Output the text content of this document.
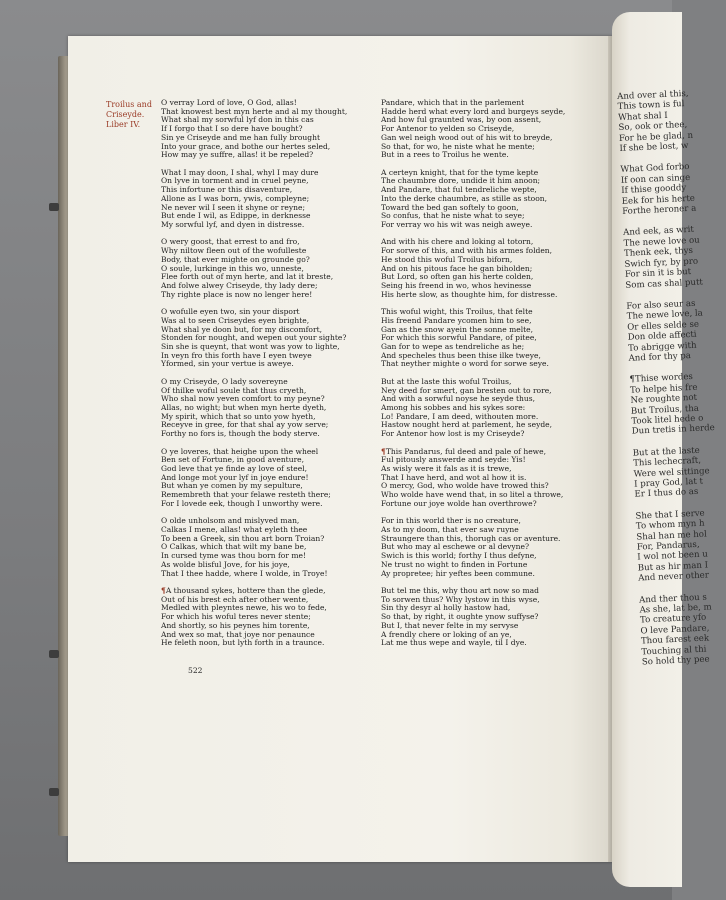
And over al this,
This town is ful
What shal I
So, ook or thee,
For he be glad, n
If she be lost, w
What God forbo
If oon can singe
If thise gooddy
Eek for his herte
Forthe heroner a
And eek, as writ
The newe love ou
Thenk eek, thys
Swich fyr, by pro
For sin it is but
Som cas shal putt
For also seur as
The newe love, la
Or elles selde se
Don olde affecti
To abrigge with
And for thy pa
¶Thise wordes
To helpe his fre
Ne roughte not
But Troilus, tha
Took litel hede o
Dun tretis in herde
But at the laste
This lechecraft,
Were wel sittinge
I pray God, lat t
Er I thus do as
She that I serve
To whom myn h
Shal han me hol
For, Pandarus,
I wol not been u
But as hir man I
And never other
And ther thou s
As she, lat be, m
To creature yfo
O leve Pandare,
Thou farest eek
Touching al thi
So hold thy pee
Troilus and
Criseyde.
Liber IV.
O verray Lord of love, O God, allas!
That knowest best myn herte and al my thought,
What shal my sorwful lyf don in this cas
If I forgo that I so dere have bought?
Sin ye Criseyde and me han fully brought
Into your grace, and bothe our hertes seled,
How may ye suffre, allas! it be repeled?
What I may doon, I shal, whyl I may dure
On lyve in torment and in cruel peyne,
This infortune or this disaventure,
Allone as I was born, ywis, compleyne;
Ne never wil I seen it shyne or reyne;
But ende I wil, as Edippe, in derknesse
My sorwful lyf, and dyen in distresse.
O wery goost, that errest to and fro,
Why niltow fleen out of the wofulleste
Body, that ever mighte on grounde go?
O soule, lurkinge in this wo, unneste,
Flee forth out of myn herte, and lat it breste,
And folwe alwey Criseyde, thy lady dere;
Thy righte place is now no lenger here!
O wofulle eyen two, sin your disport
Was al to seen Criseydes eyen brighte,
What shal ye doon but, for my discomfort,
Stonden for nought, and wepen out your sighte?
Sin she is queynt, that wont was yow to lighte,
In veyn fro this forth have I eyen tweye
Yformed, sin your vertue is aweye.
O my Criseyde, O lady sovereyne
Of thilke woful soule that thus cryeth,
Who shal now yeven comfort to my peyne?
Allas, no wight; but when myn herte dyeth,
My spirit, which that so unto yow hyeth,
Receyve in gree, for that shal ay yow serve;
Forthy no fors is, though the body sterve.
O ye loveres, that heighe upon the wheel
Ben set of Fortune, in good aventure,
God leve that ye finde ay love of steel,
And longe mot your lyf in joye endure!
But whan ye comen by my sepulture,
Remembreth that your felawe resteth there;
For I lovede eek, though I unworthy were.
O olde unholsom and mislyved man,
Calkas I mene, allas! what eyleth thee
To been a Greek, sin thou art born Troian?
O Calkas, which that wilt my bane be,
In cursed tyme was thou born for me!
As wolde blisful Jove, for his joye,
That I thee hadde, where I wolde, in Troye!
¶A thousand sykes, hottere than the glede,
Out of his brest ech after other wente,
Medled with pleyntes newe, his wo to fede,
For which his woful teres never stente;
And shortly, so his peynes him torente,
And wex so mat, that joye nor penaunce
He feleth noon, but lyth forth in a traunce.
Pandare, which that in the parlement
Hadde herd what every lord and burgeys seyde,
And how ful graunted was, by oon assent,
For Antenor to yelden so Criseyde,
Gan wel neigh wood out of his wit to breyde,
So that, for wo, he niste what he mente;
But in a rees to Troilus he wente.
A certeyn knight, that for the tyme kepte
The chaumbre dore, undide it him anoon;
And Pandare, that ful tendreliche wepte,
Into the derke chaumbre, as stille as stoon,
Toward the bed gan softely to goon,
So confus, that he niste what to seye;
For verray wo his wit was neigh aweye.
And with his chere and loking al totorn,
For sorwe of this, and with his armes folden,
He stood this woful Troilus biforn,
And on his pitous face he gan biholden;
But Lord, so often gan his herte colden,
Seing his freend in wo, whos hevinesse
His herte slow, as thoughte him, for distresse.
This woful wight, this Troilus, that felte
His freend Pandare ycomen him to see,
Gan as the snow ayein the sonne melte,
For which this sorwful Pandare, of pitee,
Gan for to wepe as tendreliche as he;
And specheles thus been thise ilke tweye,
That neyther mighte o word for sorwe seye.
But at the laste this woful Troilus,
Ney deed for smert, gan bresten out to rore,
And with a sorwful noyse he seyde thus,
Among his sobbes and his sykes sore:
Lo! Pandare, I am deed, withouten more.
Hastow nought herd at parlement, he seyde,
For Antenor how lost is my Criseyde?
¶This Pandarus, ful deed and pale of hewe,
Ful pitously answerde and seyde: Yis!
As wisly were it fals as it is trewe,
That I have herd, and wot al how it is.
O mercy, God, who wolde have trowed this?
Who wolde have wend that, in so litel a throwe,
Fortune our joye wolde han overthrowe?
For in this world ther is no creature,
As to my doom, that ever saw ruyne
Straungere than this, thorugh cas or aventure.
But who may al eschewe or al devyne?
Swich is this world; forthy I thus defyne,
Ne trust no wight to finden in Fortune
Ay propretee; hir yeftes been commune.
But tel me this, why thou art now so mad
To sorwen thus? Why lystow in this wyse,
Sin thy desyr al holly hastow had,
So that, by right, it oughte ynow suffyse?
But I, that never felte in my servyse
A frendly chere or loking of an ye,
Lat me thus wepe and wayle, til I dye.
522
